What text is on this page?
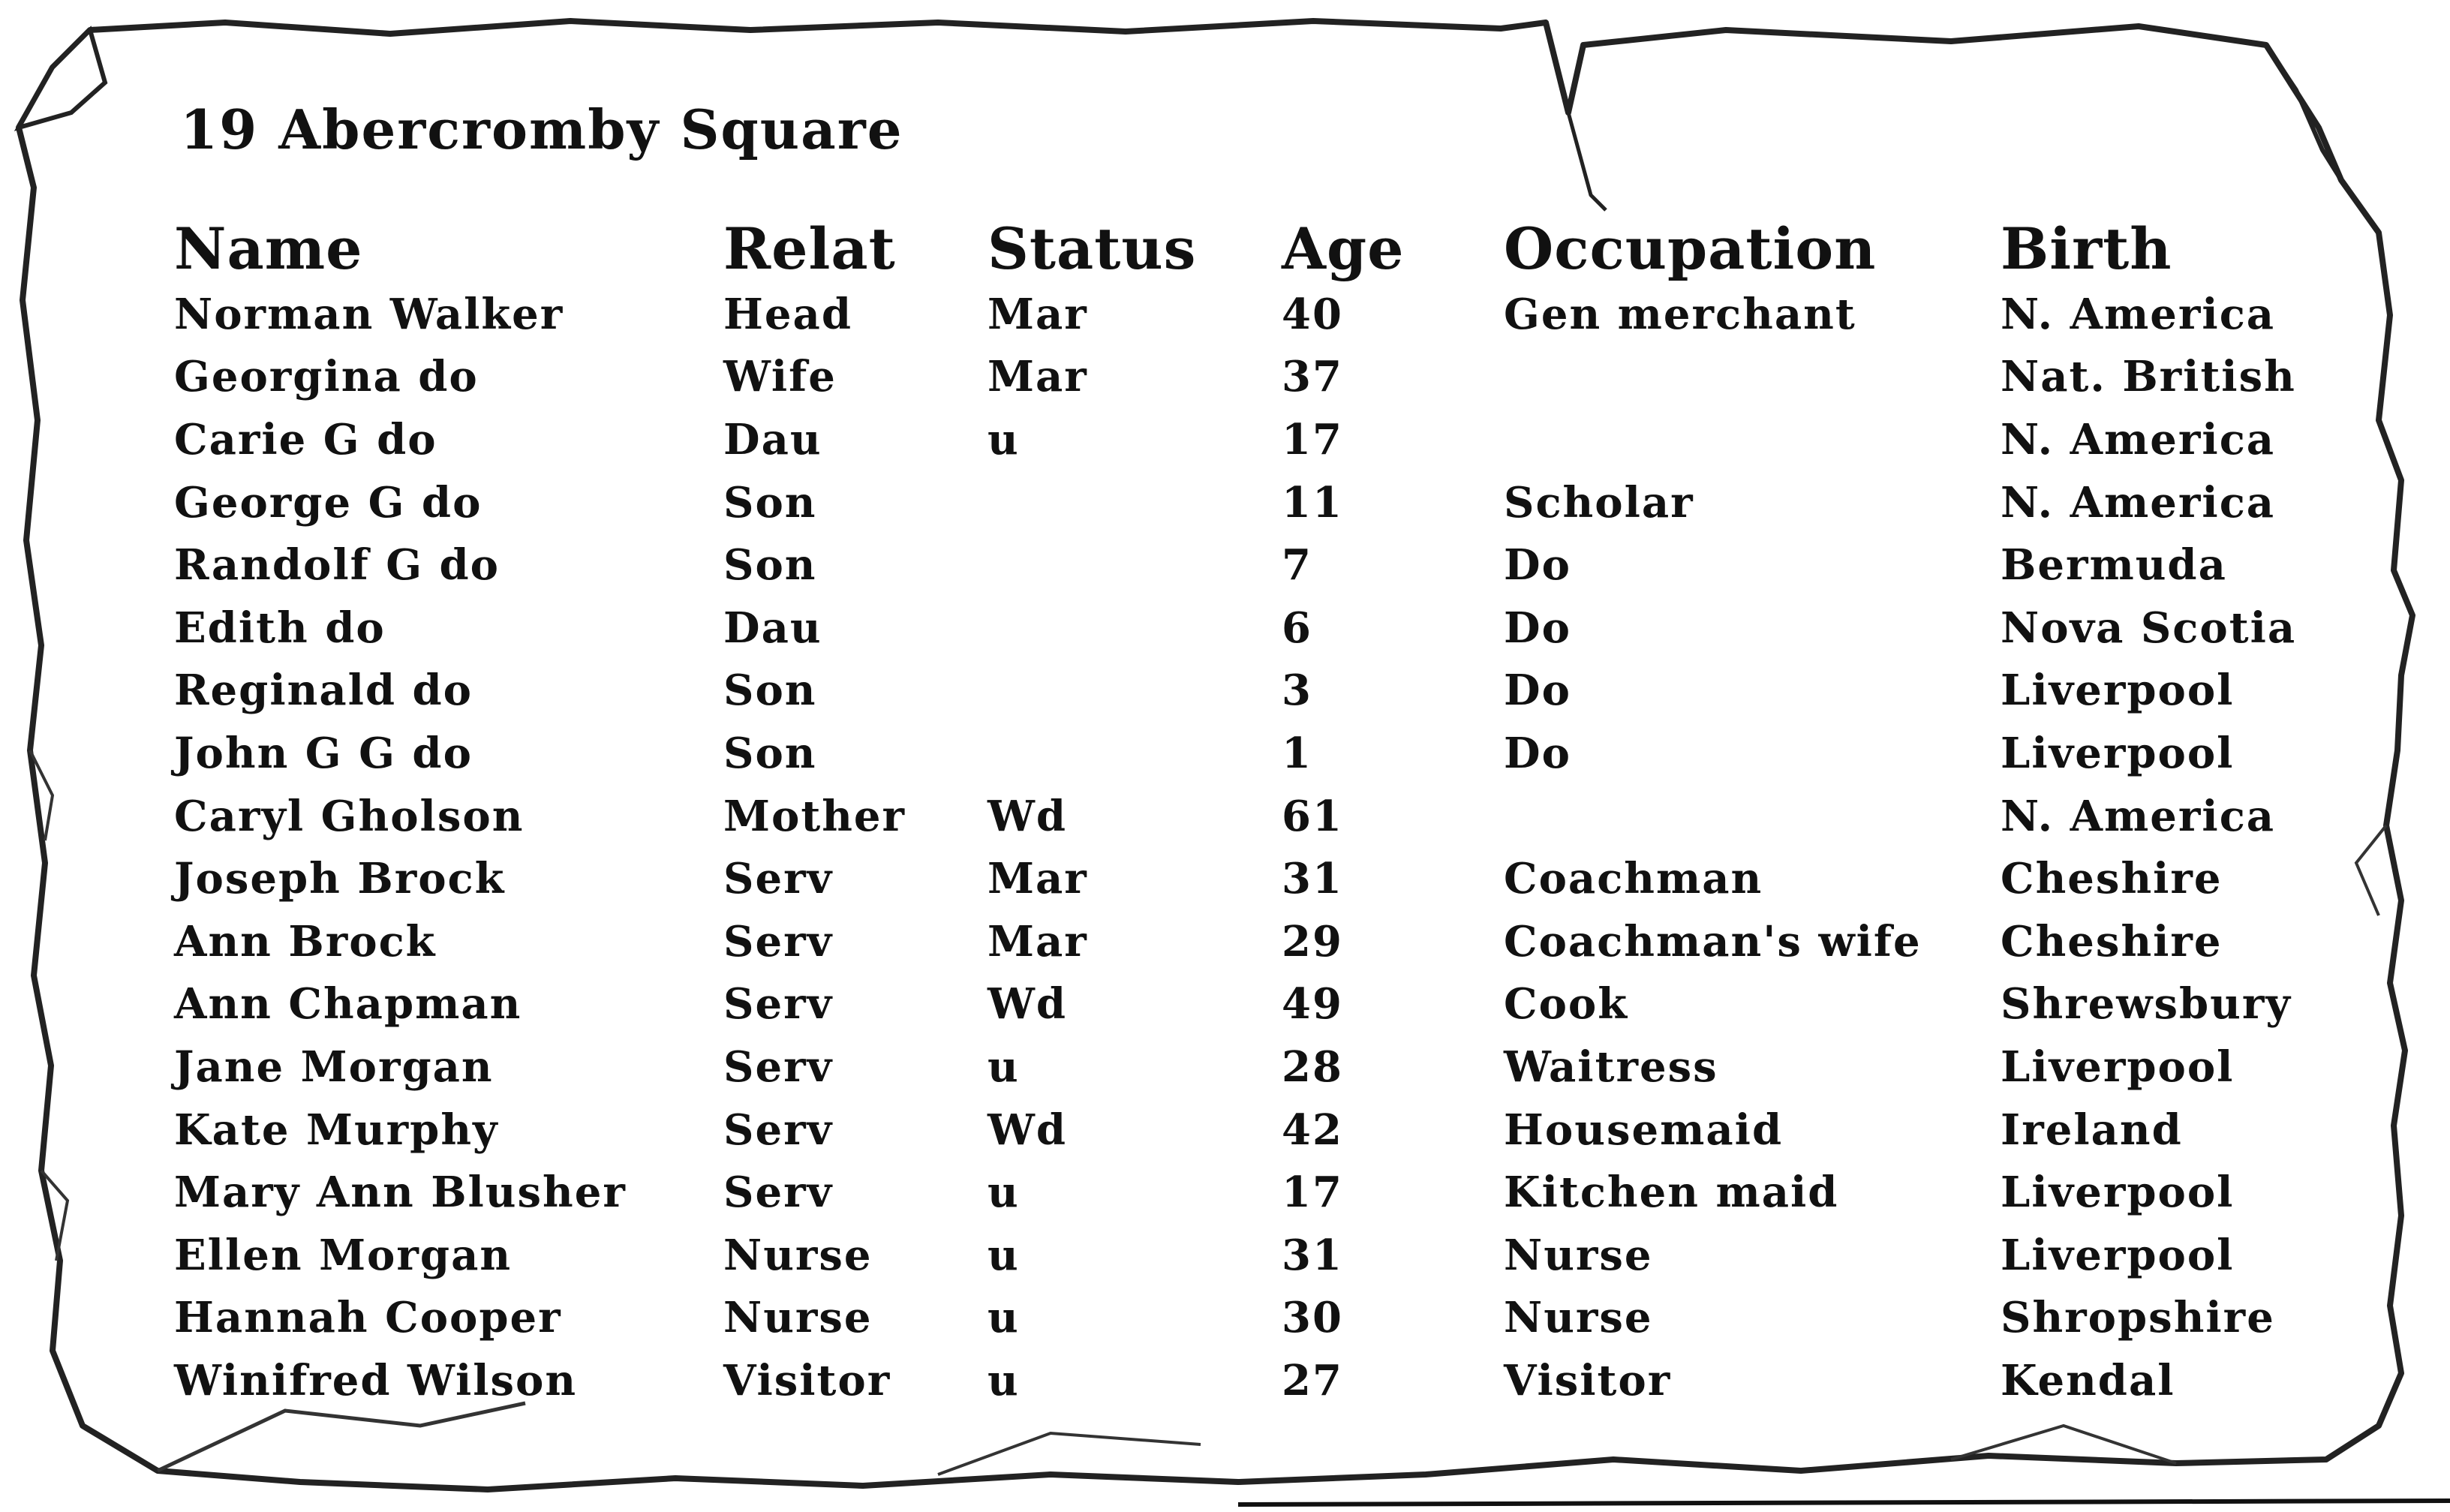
19 Abercromby Square
Name	Relat	Status	Age	Occupation	Birth
Norman Walker	Head	Mar	40	Gen merchant	N. America
Georgina do	Wife	Mar	37		Nat. British
Carie G do	Dau	u	17		N. America
George G do	Son		11	Scholar	N. America
Randolf G do	Son		7	Do	Bermuda
Edith do	Dau		6	Do	Nova Scotia
Reginald do	Son		3	Do	Liverpool
John G G do	Son		1	Do	Liverpool
Caryl Gholson	Mother	Wd	61		N. America
Joseph Brock	Serv	Mar	31	Coachman	Cheshire
Ann Brock	Serv	Mar	29	Coachman's wife	Cheshire
Ann Chapman	Serv	Wd	49	Cook	Shrewsbury
Jane Morgan	Serv	u	28	Waitress	Liverpool
Kate Murphy	Serv	Wd	42	Housemaid	Ireland
Mary Ann Blusher	Serv	u	17	Kitchen maid	Liverpool
Ellen Morgan	Nurse	u	31	Nurse	Liverpool
Hannah Cooper	Nurse	u	30	Nurse	Shropshire
Winifred Wilson	Visitor	u	27	Visitor	Kendal
